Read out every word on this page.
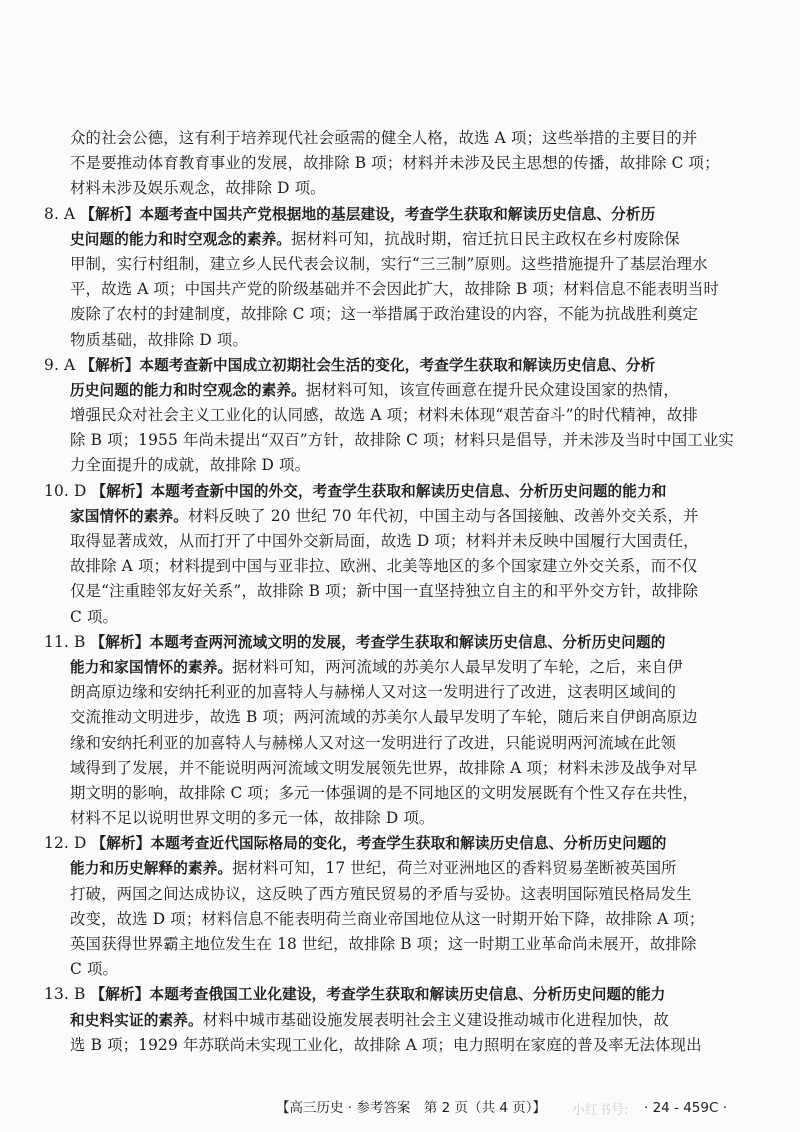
众的社会公德，这有利于培养现代社会亟需的健全人格，故选 A 项；这些举措的主要目的并
不是要推动体育教育事业的发展，故排除 B 项；材料并未涉及民主思想的传播，故排除 C 项；
材料未涉及娱乐观念，故排除 D 项。
8. A 【解析】本题考查中国共产党根据地的基层建设，考查学生获取和解读历史信息、分析历
史问题的能力和时空观念的素养。据材料可知，抗战时期，宿迁抗日民主政权在乡村废除保
甲制，实行村组制，建立乡人民代表会议制，实行“三三制”原则。这些措施提升了基层治理水
平，故选 A 项；中国共产党的阶级基础并不会因此扩大，故排除 B 项；材料信息不能表明当时
废除了农村的封建制度，故排除 C 项；这一举措属于政治建设的内容，不能为抗战胜利奠定
物质基础，故排除 D 项。
9. A 【解析】本题考查新中国成立初期社会生活的变化，考查学生获取和解读历史信息、分析
历史问题的能力和时空观念的素养。据材料可知，该宣传画意在提升民众建设国家的热情，
增强民众对社会主义工业化的认同感，故选 A 项；材料未体现“艰苦奋斗”的时代精神，故排
除 B 项；1955 年尚未提出“双百”方针，故排除 C 项；材料只是倡导，并未涉及当时中国工业实
力全面提升的成就，故排除 D 项。
10. D 【解析】本题考查新中国的外交，考查学生获取和解读历史信息、分析历史问题的能力和
家国情怀的素养。材料反映了 20 世纪 70 年代初，中国主动与各国接触、改善外交关系，并
取得显著成效，从而打开了中国外交新局面，故选 D 项；材料并未反映中国履行大国责任，
故排除 A 项；材料提到中国与亚非拉、欧洲、北美等地区的多个国家建立外交关系，而不仅
仅是“注重睦邻友好关系”，故排除 B 项；新中国一直坚持独立自主的和平外交方针，故排除
C 项。
11. B 【解析】本题考查两河流域文明的发展，考查学生获取和解读历史信息、分析历史问题的
能力和家国情怀的素养。据材料可知，两河流域的苏美尔人最早发明了车轮，之后，来自伊
朗高原边缘和安纳托利亚的加喜特人与赫梯人又对这一发明进行了改进，这表明区域间的
交流推动文明进步，故选 B 项；两河流域的苏美尔人最早发明了车轮，随后来自伊朗高原边
缘和安纳托利亚的加喜特人与赫梯人又对这一发明进行了改进，只能说明两河流域在此领
域得到了发展，并不能说明两河流域文明发展领先世界，故排除 A 项；材料未涉及战争对早
期文明的影响，故排除 C 项；多元一体强调的是不同地区的文明发展既有个性又存在共性，
材料不足以说明世界文明的多元一体，故排除 D 项。
12. D 【解析】本题考查近代国际格局的变化，考查学生获取和解读历史信息、分析历史问题的
能力和历史解释的素养。据材料可知，17 世纪，荷兰对亚洲地区的香料贸易垄断被英国所
打破，两国之间达成协议，这反映了西方殖民贸易的矛盾与妥协。这表明国际殖民格局发生
改变，故选 D 项；材料信息不能表明荷兰商业帝国地位从这一时期开始下降，故排除 A 项；
英国获得世界霸主地位发生在 18 世纪，故排除 B 项；这一时期工业革命尚未展开，故排除
C 项。
13. B 【解析】本题考查俄国工业化建设，考查学生获取和解读历史信息、分析历史问题的能力
和史料实证的素养。材料中城市基础设施发展表明社会主义建设推动城市化进程加快，故
选 B 项；1929 年苏联尚未实现工业化，故排除 A 项；电力照明在家庭的普及率无法体现出
【高三历史 · 参考答案　第 2 页（共 4 页）】	· 24 - 459C ·
小红书号:
